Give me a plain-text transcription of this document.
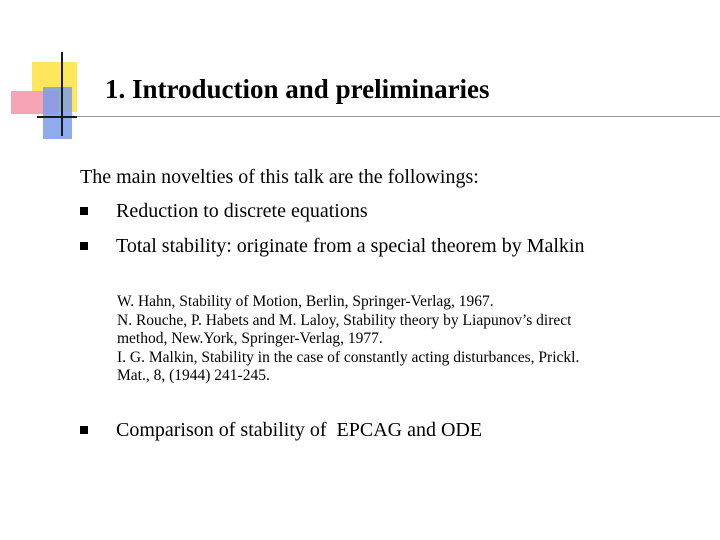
1. Introduction and preliminaries

The main novelties of this talk are the followings:

Reduction to discrete equations

Total stability: originate from a special theorem by Malkin

W. Hahn, Stability of Motion, Berlin, Springer-Verlag, 1967.
N. Rouche, P. Habets and M. Laloy, Stability theory by Liapunov’s direct
method, New.York, Springer-Verlag, 1977.
I. G. Malkin, Stability in the case of constantly acting disturbances, Prickl.
Mat., 8, (1944) 241-245.

Comparison of stability of  EPCAG and ODE
